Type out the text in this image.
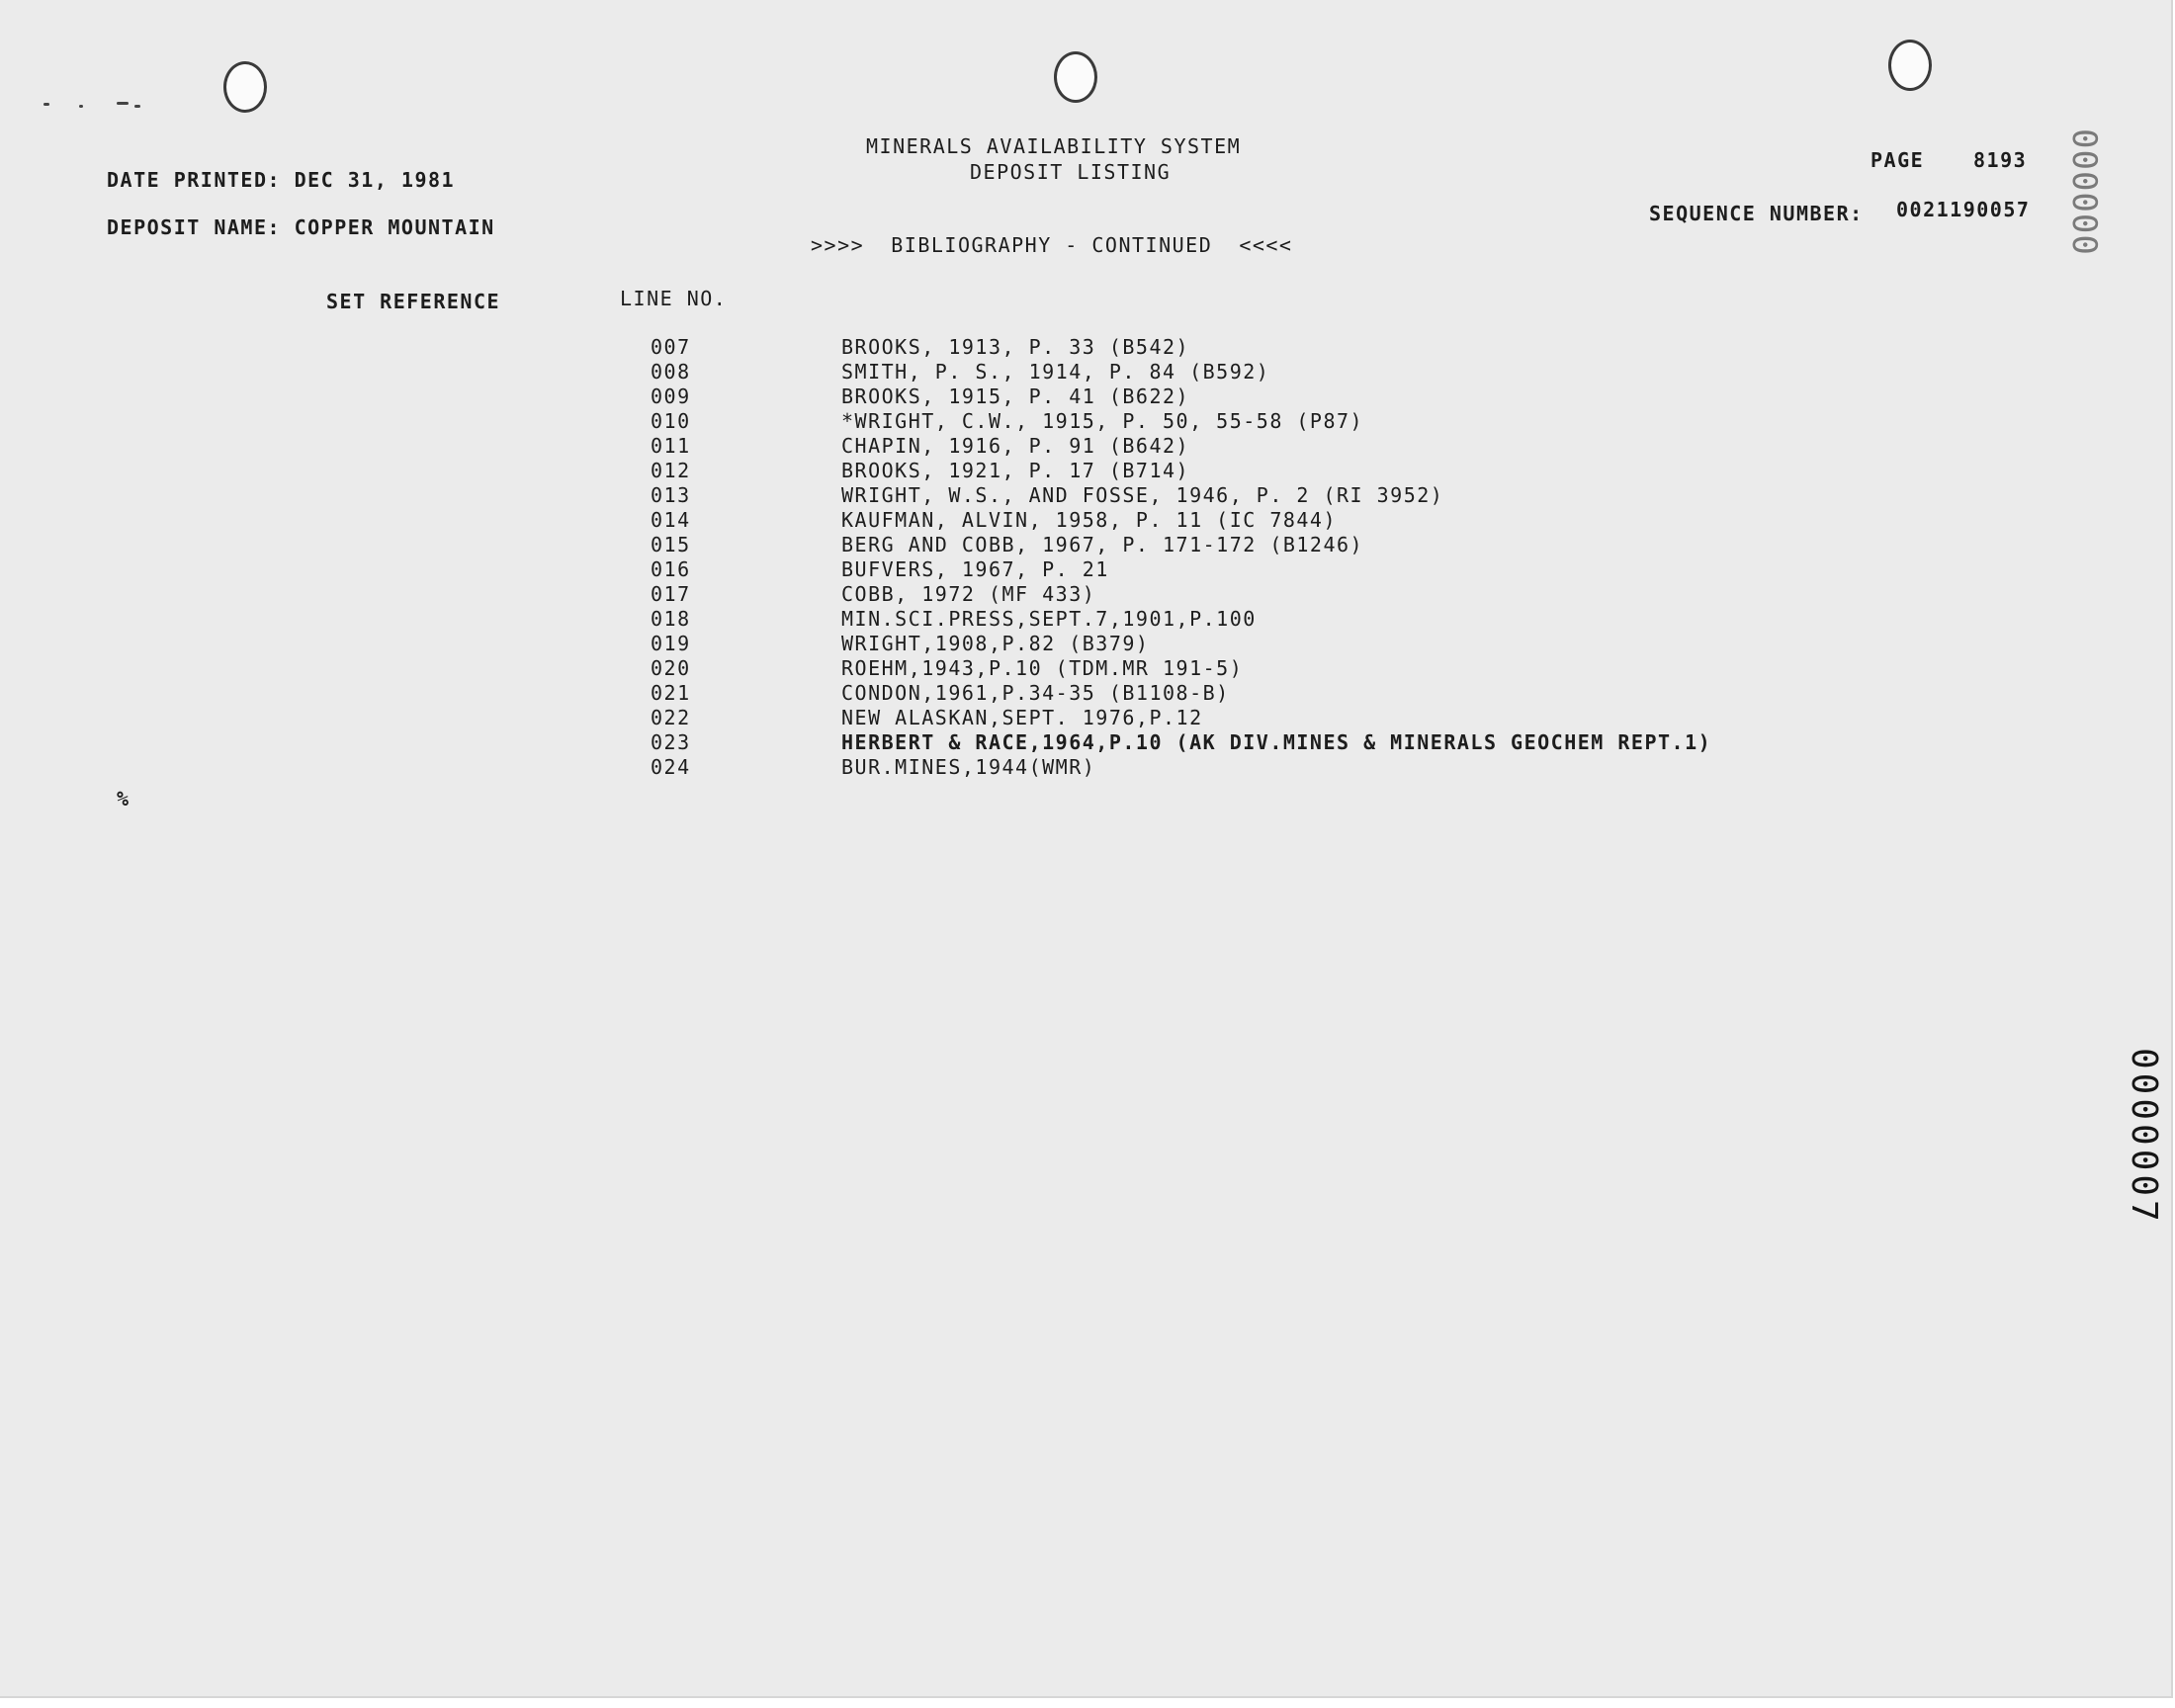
MINERALS AVAILABILITY SYSTEM
DEPOSIT LISTING
DATE PRINTED: DEC 31, 1981
DEPOSIT NAME: COPPER MOUNTAIN
PAGE 8193
SEQUENCE NUMBER: 0021190057
>>>>  BIBLIOGRAPHY - CONTINUED  <<<<
SET REFERENCE	LINE NO.
007	BROOKS, 1913, P. 33 (B542)
008	SMITH, P. S., 1914, P. 84 (B592)
009	BROOKS, 1915, P. 41 (B622)
010	*WRIGHT, C.W., 1915, P. 50, 55-58 (P87)
011	CHAPIN, 1916, P. 91 (B642)
012	BROOKS, 1921, P. 17 (B714)
013	WRIGHT, W.S., AND FOSSE, 1946, P. 2 (RI 3952)
014	KAUFMAN, ALVIN, 1958, P. 11 (IC 7844)
015	BERG AND COBB, 1967, P. 171-172 (B1246)
016	BUFVERS, 1967, P. 21
017	COBB, 1972 (MF 433)
018	MIN.SCI.PRESS,SEPT.7,1901,P.100
019	WRIGHT,1908,P.82 (B379)
020	ROEHM,1943,P.10 (TDM.MR 191-5)
021	CONDON,1961,P.34-35 (B1108-B)
022	NEW ALASKAN,SEPT. 1976,P.12
023	HERBERT & RACE,1964,P.10 (AK DIV.MINES & MINERALS GEOCHEM REPT.1)
024	BUR.MINES,1944(WMR)
%
000000
0000007
